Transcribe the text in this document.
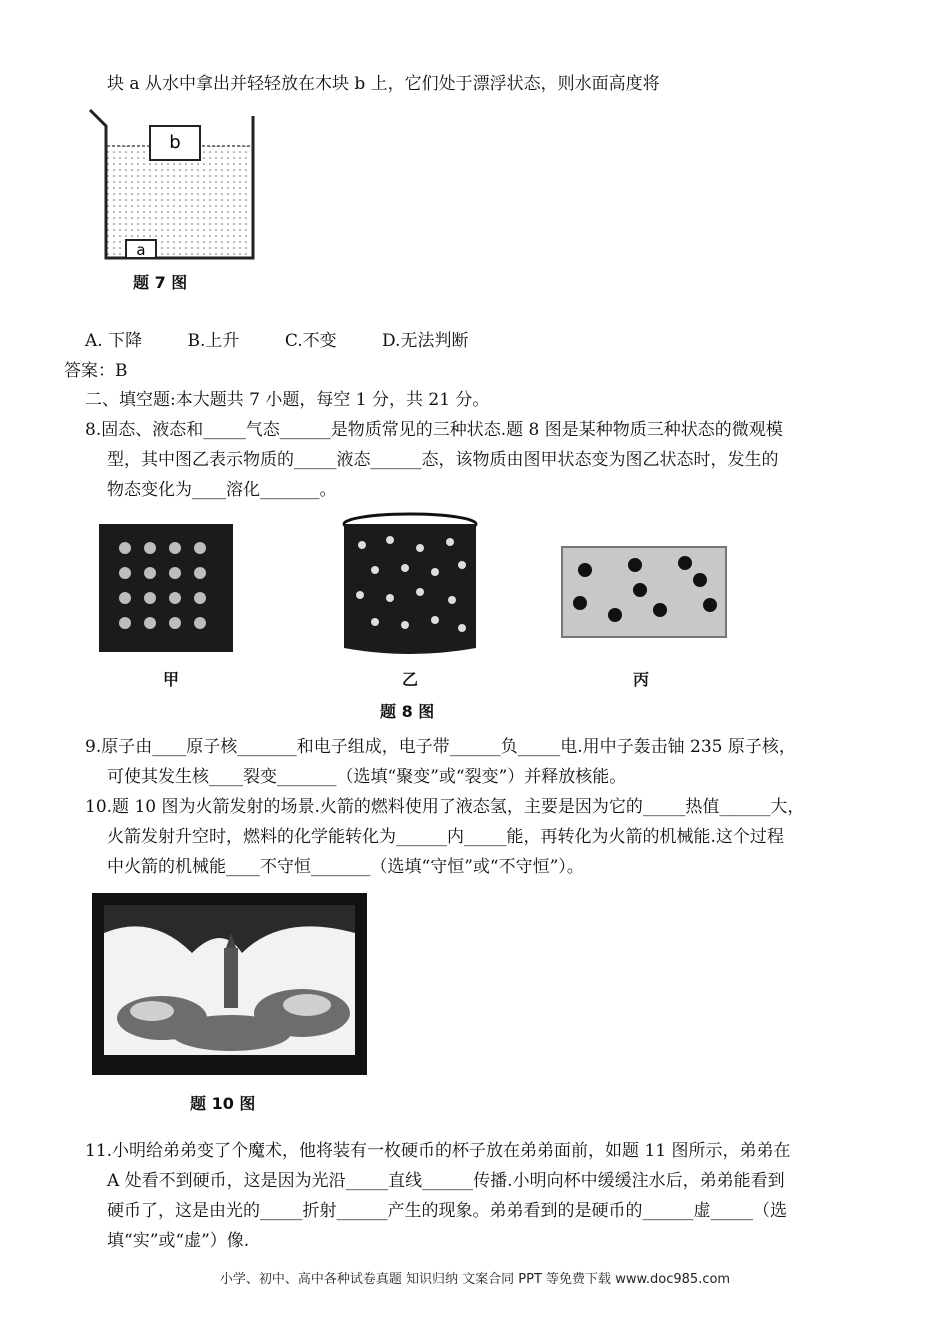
块 a 从水中拿出并轻轻放在木块 b 上，它们处于漂浮状态，则水面高度将
b
a
题 7 图
A. 下降	B.上升	C.不变	D.无法判断
答案：B
二、填空题:本大题共 7 小题，每空 1 分，共 21 分。
8.固态、液态和_____气态______是物质常见的三种状态.题 8 图是某种物质三种状态的微观模
型，其中图乙表示物质的_____液态______态，该物质由图甲状态变为图乙状态时，发生的
物态变化为____溶化_______。
甲	乙	丙
题 8 图
9.原子由____原子核_______和电子组成，电子带______负_____电.用中子轰击铀 235 原子核，
可使其发生核____裂变_______（选填“聚变”或“裂变”）并释放核能。
10.题 10 图为火箭发射的场景.火箭的燃料使用了液态氢，主要是因为它的_____热值______大，
火箭发射升空时，燃料的化学能转化为______内_____能，再转化为火箭的机械能.这个过程
中火箭的机械能____不守恒_______（选填“守恒”或“不守恒”）。
题 10 图
11.小明给弟弟变了个魔术，他将装有一枚硬币的杯子放在弟弟面前，如题 11 图所示，弟弟在
A 处看不到硬币，这是因为光沿_____直线______传播.小明向杯中缓缓注水后，弟弟能看到
硬币了，这是由光的_____折射______产生的现象。弟弟看到的是硬币的______虚_____（选
填“实”或“虚”）像.
小学、初中、高中各种试卷真题 知识归纳 文案合同 PPT 等免费下载 www.doc985.com
